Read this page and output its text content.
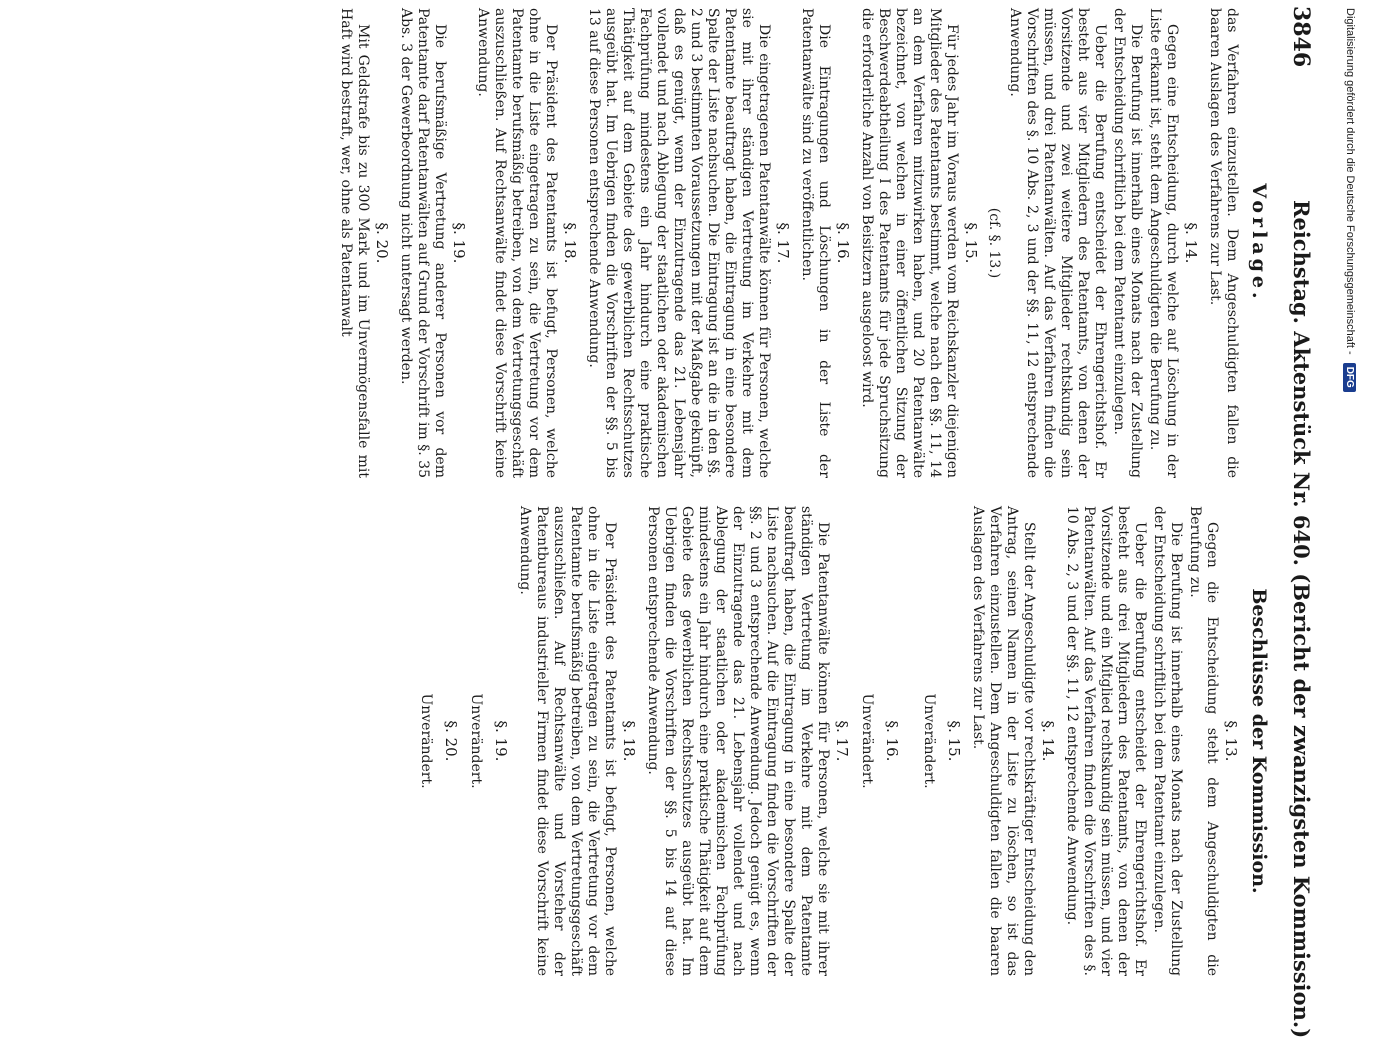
3846
Reichstag. Aktenstück Nr. 640. (Bericht der zwanzigsten Kommission.)
Vorlage.

das Verfahren einzustellen. Dem Angeschuldigten fallen die baaren Auslagen des Verfahrens zur Last.

§. 14.

Gegen eine Entscheidung, durch welche auf Löschung in der Liste erkannt ist, steht dem Angeschuldigten die Berufung zu.

Die Berufung ist innerhalb eines Monats nach der Zustellung der Entscheidung schriftlich bei dem Patentamt einzulegen.

Ueber die Berufung entscheidet der Ehrengerichtshof. Er besteht aus vier Mitgliedern des Patentamts, von denen der Vorsitzende und zwei weitere Mitglieder rechtskundig sein müssen, und drei Patentanwälten. Auf das Verfahren finden die Vorschriften des §. 10 Abs. 2, 3 und der §§. 11, 12 entsprechende Anwendung.

(cf. §. 13.)
§. 15.

Für jedes Jahr im Voraus werden vom Reichskanzler diejenigen Mitglieder des Patentamts bestimmt, welche nach den §§. 11, 14 an dem Verfahren mitzuwirken haben, und 20 Patentanwälte bezeichnet, von welchen in einer öffentlichen Sitzung der Beschwerdeabtheilung I des Patentamts für jede Spruchsitzung die erforderliche Anzahl von Beisitzern ausgeloost wird.

§. 16.

Die Eintragungen und Löschungen in der Liste der Patentanwälte sind zu veröffentlichen.

§. 17.

Die eingetragenen Patentanwälte können für Personen, welche sie mit ihrer ständigen Vertretung im Verkehre mit dem Patentamte beauftragt haben, die Eintragung in eine besondere Spalte der Liste nachsuchen. Die Eintragung ist an die in den §§. 2 und 3 bestimmten Voraussetzungen mit der Maßgabe geknüpft, daß es genügt, wenn der Einzutragende das 21. Lebensjahr vollendet und nach Ablegung der staatlichen oder akademischen Fachprüfung mindestens ein Jahr hindurch eine praktische Thätigkeit auf dem Gebiete des gewerblichen Rechtsschutzes ausgeübt hat. Im Uebrigen finden die Vorschriften der §§. 5 bis 13 auf diese Personen entsprechende Anwendung.

§. 18.

Der Präsident des Patentamts ist befugt, Personen, welche ohne in die Liste eingetragen zu sein, die Vertretung vor dem Patentamte berufsmäßig betreiben, von dem Vertretungsgeschäft auszuschließen. Auf Rechtsanwälte findet diese Vorschrift keine Anwendung.

§. 19.

Die berufsmäßige Vertretung anderer Personen vor dem Patentamte darf Patentanwälten auf Grund der Vorschrift im §. 35 Abs. 3 der Gewerbeordnung nicht untersagt werden.

§. 20.

Mit Geldstrafe bis zu 300 Mark und im Unvermögensfalle mit Haft wird bestraft, wer, ohne als Patentanwalt

Beschlüsse der Kommission.
§. 13.

Gegen die Entscheidung steht dem Angeschuldigten die Berufung zu.

Die Berufung ist innerhalb eines Monats nach der Zustellung der Entscheidung schriftlich bei dem Patentamt einzulegen.

Ueber die Berufung entscheidet der Ehrengerichtshof. Er besteht aus drei Mitgliedern des Patentamts, von denen der Vorsitzende und ein Mitglied rechtskundig sein müssen, und vier Patentanwälten. Auf das Verfahren finden die Vorschriften des §. 10 Abs. 2, 3 und der §§. 11, 12 entsprechende Anwendung.

§. 14.

Stellt der Angeschuldigte vor rechtskräftiger Entscheidung den Antrag, seinen Namen in der Liste zu löschen, so ist das Verfahren einzustellen. Dem Angeschuldigten fallen die baaren Auslagen des Verfahrens zur Last.

§. 15.
Unverändert.
§. 16.
Unverändert.
§. 17.

Die Patentanwälte können für Personen, welche sie mit ihrer ständigen Vertretung im Verkehre mit dem Patentamte beauftragt haben, die Eintragung in eine besondere Spalte der Liste nachsuchen. Auf die Eintragung finden die Vorschriften der §§. 2 und 3 entsprechende Anwendung. Jedoch genügt es, wenn der Einzutragende das 21. Lebensjahr vollendet und nach Ablegung der staatlichen oder akademischen Fachprüfung mindestens ein Jahr hindurch eine praktische Thätigkeit auf dem Gebiete des gewerblichen Rechtsschutzes ausgeübt hat. Im Uebrigen finden die Vorschriften der §§. 5 bis 14 auf diese Personen entsprechende Anwendung.

§. 18.

Der Präsident des Patentamts ist befugt, Personen, welche ohne in die Liste eingetragen zu sein, die Vertretung vor dem Patentamte berufsmäßig betreiben, von dem Vertretungsgeschäft auszuschließen. Auf Rechtsanwälte und Vorsteher der Patentbureaus industrieller Firmen findet diese Vorschrift keine Anwendung.

§. 19.
Unverändert.
§. 20.
Unverändert.
Digitalisierung gefördert durch die Deutsche Forschungsgemeinschaft -
DFG
